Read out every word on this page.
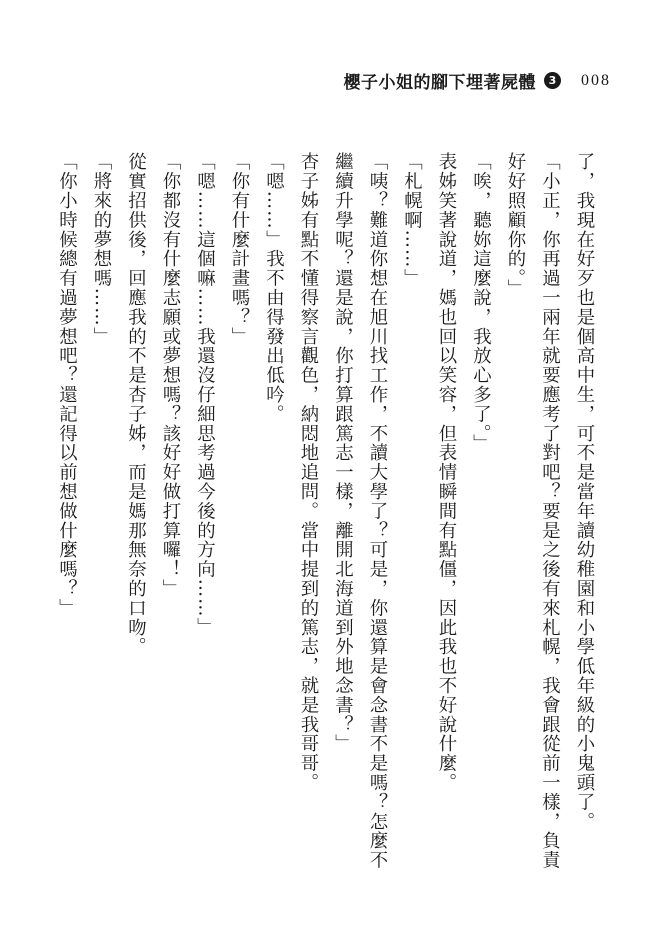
櫻子小姐的腳下埋著屍體	3 008
了，我現在好歹也是個高中生，可不是當年讀幼稚園和小學低年級的小鬼頭了。
「小正，你再過一兩年就要應考了對吧？要是之後有來札幌，我會跟從前一樣，負責
好好照顧你的。」
「唉，聽妳這麼說，我放心多了。」
表姊笑著說道，媽也回以笑容，但表情瞬間有點僵，因此我也不好說什麼。
「札幌啊……」
「咦？難道你想在旭川找工作，不讀大學了？可是，你還算是會念書不是嗎？怎麼不
繼續升學呢？還是說，你打算跟篤志一樣，離開北海道到外地念書？」
杏子姊有點不懂得察言觀色，納悶地追問。當中提到的篤志，就是我哥哥。
「嗯……」我不由得發出低吟。
「你有什麼計畫嗎？」
「嗯……這個嘛……我還沒仔細思考過今後的方向……」
「你都沒有什麼志願或夢想嗎？該好好做打算囉！」
從實招供後，回應我的不是杏子姊，而是媽那無奈的口吻。
「將來的夢想嗎……」
「你小時候總有過夢想吧？還記得以前想做什麼嗎？」
